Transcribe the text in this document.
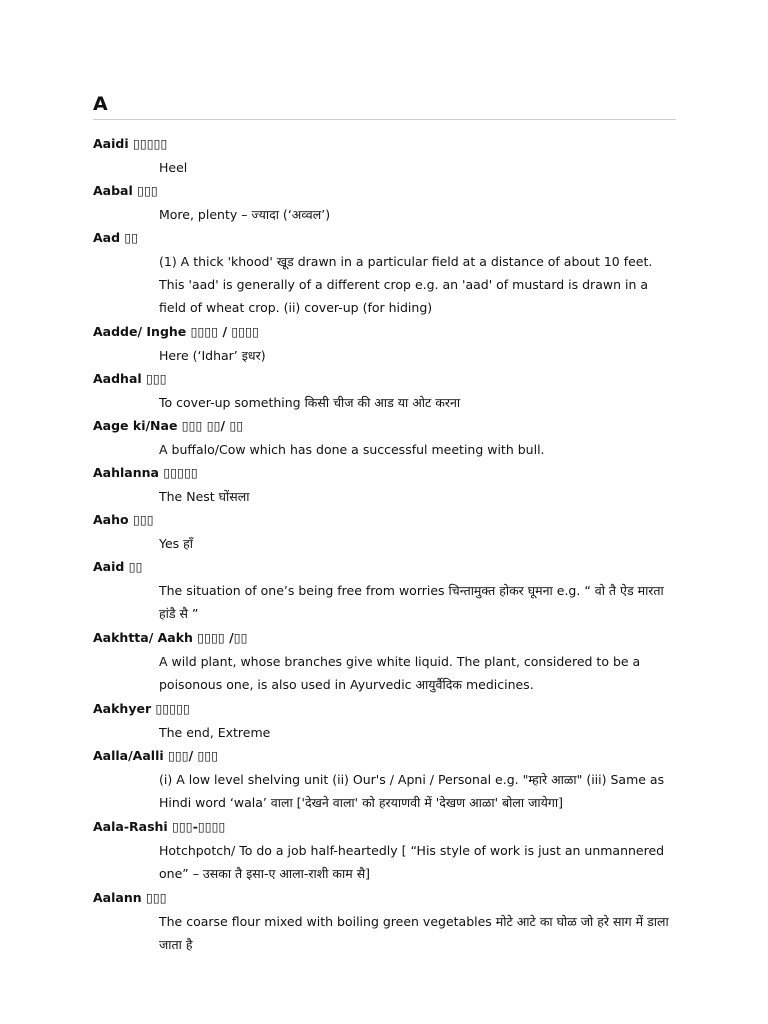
A
Aaidi ▯▯▯▯▯
Heel
Aabal ▯▯▯
More, plenty – ज्यादा (‘अव्वल’)
Aad ▯▯
(1) A thick 'khood' खूड drawn in a particular field at a distance of about 10 feet. This 'aad' is generally of a different crop e.g. an 'aad' of mustard is drawn in a field of wheat crop. (ii) cover-up (for hiding)
Aadde/ Inghe ▯▯▯▯ / ▯▯▯▯
Here (‘Idhar’ इधर)
Aadhal ▯▯▯
To cover-up something किसी चीज की आड या ओट करना
Aage ki/Nae ▯▯▯ ▯▯/ ▯▯
A buffalo/Cow which has done a successful meeting with bull.
Aahlanna ▯▯▯▯▯
The Nest घोंसला
Aaho ▯▯▯
Yes हाँ
Aaid ▯▯
The situation of one’s being free from worries चिन्तामुक्त होकर घूमना e.g. “ वो तै ऐड मारता हांडै सै ”
Aakhtta/ Aakh ▯▯▯▯ /▯▯
A wild plant, whose branches give white liquid. The plant, considered to be a poisonous one, is also used in Ayurvedic आयुर्वैदिक medicines.
Aakhyer ▯▯▯▯▯
The end, Extreme
Aalla/Aalli ▯▯▯/ ▯▯▯
(i) A low level shelving unit (ii) Our's / Apni / Personal e.g. "म्हारे आळा" (iii) Same as Hindi word ‘wala’ वाला ['देखने वाला' को हरयाणवी में 'देखण आळा' बोला जायेगा]
Aala-Rashi ▯▯▯-▯▯▯▯
Hotchpotch/ To do a job half-heartedly [ “His style of work is just an unmannered one” – उसका तै इसा-ए आला-राशी काम सै]
Aalann ▯▯▯
The coarse flour mixed with boiling green vegetables मोटे आटे का घोळ जो हरे साग में डाला जाता है
